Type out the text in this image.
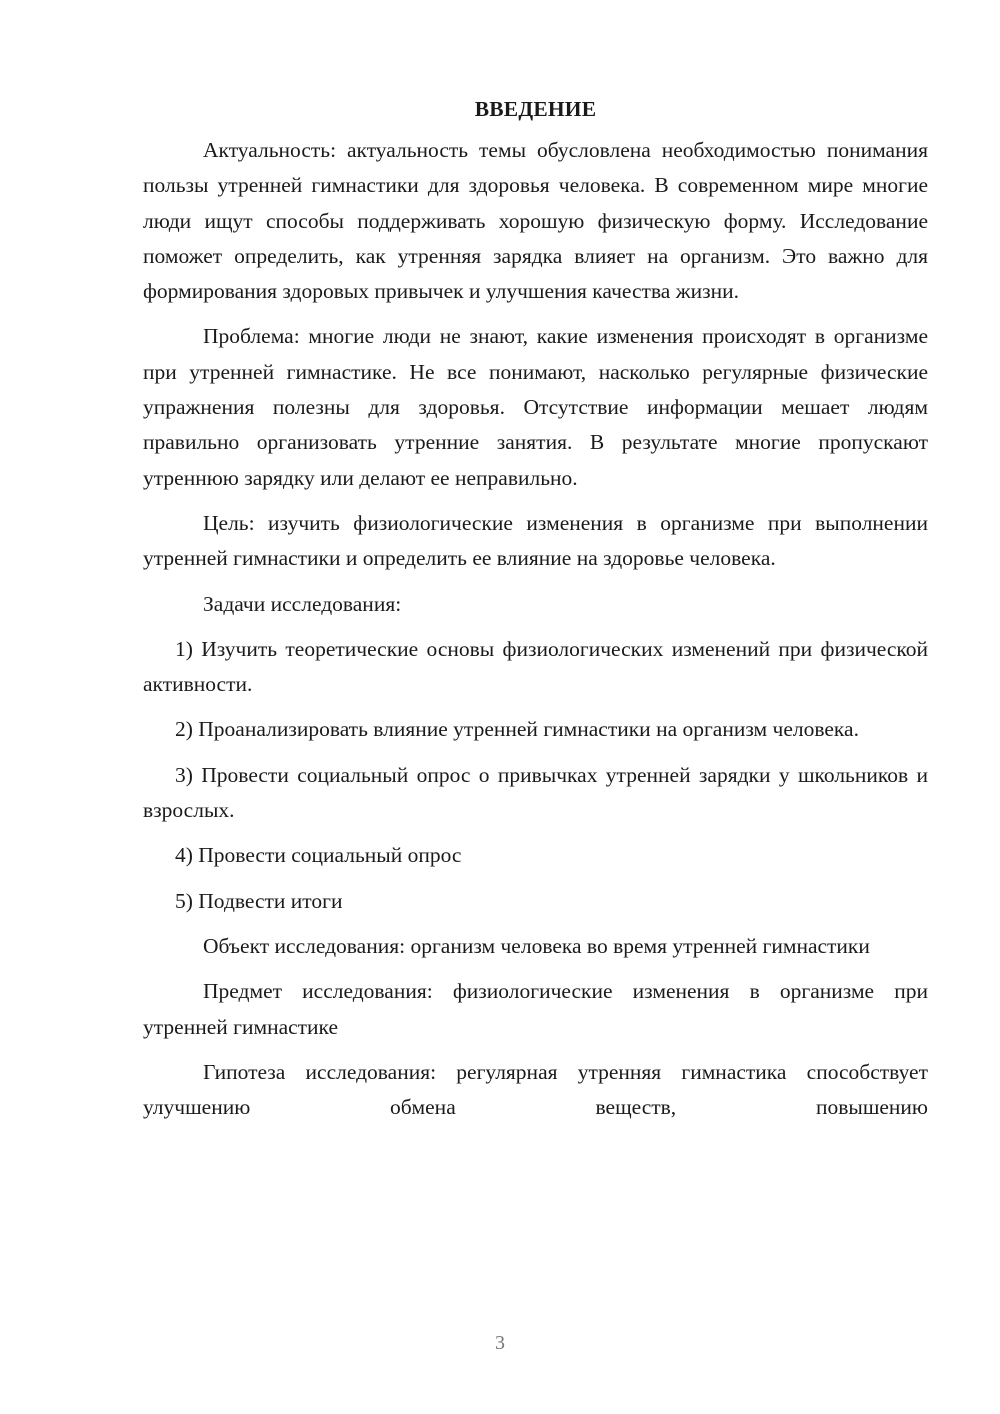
ВВЕДЕНИЕ

Актуальность: актуальность темы обусловлена необходимостью понимания пользы утренней гимнастики для здоровья человека. В современном мире многие люди ищут способы поддерживать хорошую физическую форму. Исследование поможет определить, как утренняя зарядка влияет на организм. Это важно для формирования здоровых привычек и улучшения качества жизни.

Проблема: многие люди не знают, какие изменения происходят в организме при утренней гимнастике. Не все понимают, насколько регулярные физические упражнения полезны для здоровья. Отсутствие информации мешает людям правильно организовать утренние занятия. В результате многие пропускают утреннюю зарядку или делают ее неправильно.

Цель: изучить физиологические изменения в организме при выполнении утренней гимнастики и определить ее влияние на здоровье человека.

Задачи исследования:

1) Изучить теоретические основы физиологических изменений при физической активности.

2) Проанализировать влияние утренней гимнастики на организм человека.

3) Провести социальный опрос о привычках утренней зарядки у школьников и взрослых.

4) Провести социальный опрос

5) Подвести итоги

Объект исследования: организм человека во время утренней гимнастики

Предмет исследования: физиологические изменения в организме при утренней гимнастике

Гипотеза исследования: регулярная утренняя гимнастика способствует улучшению обмена веществ, повышению

3
